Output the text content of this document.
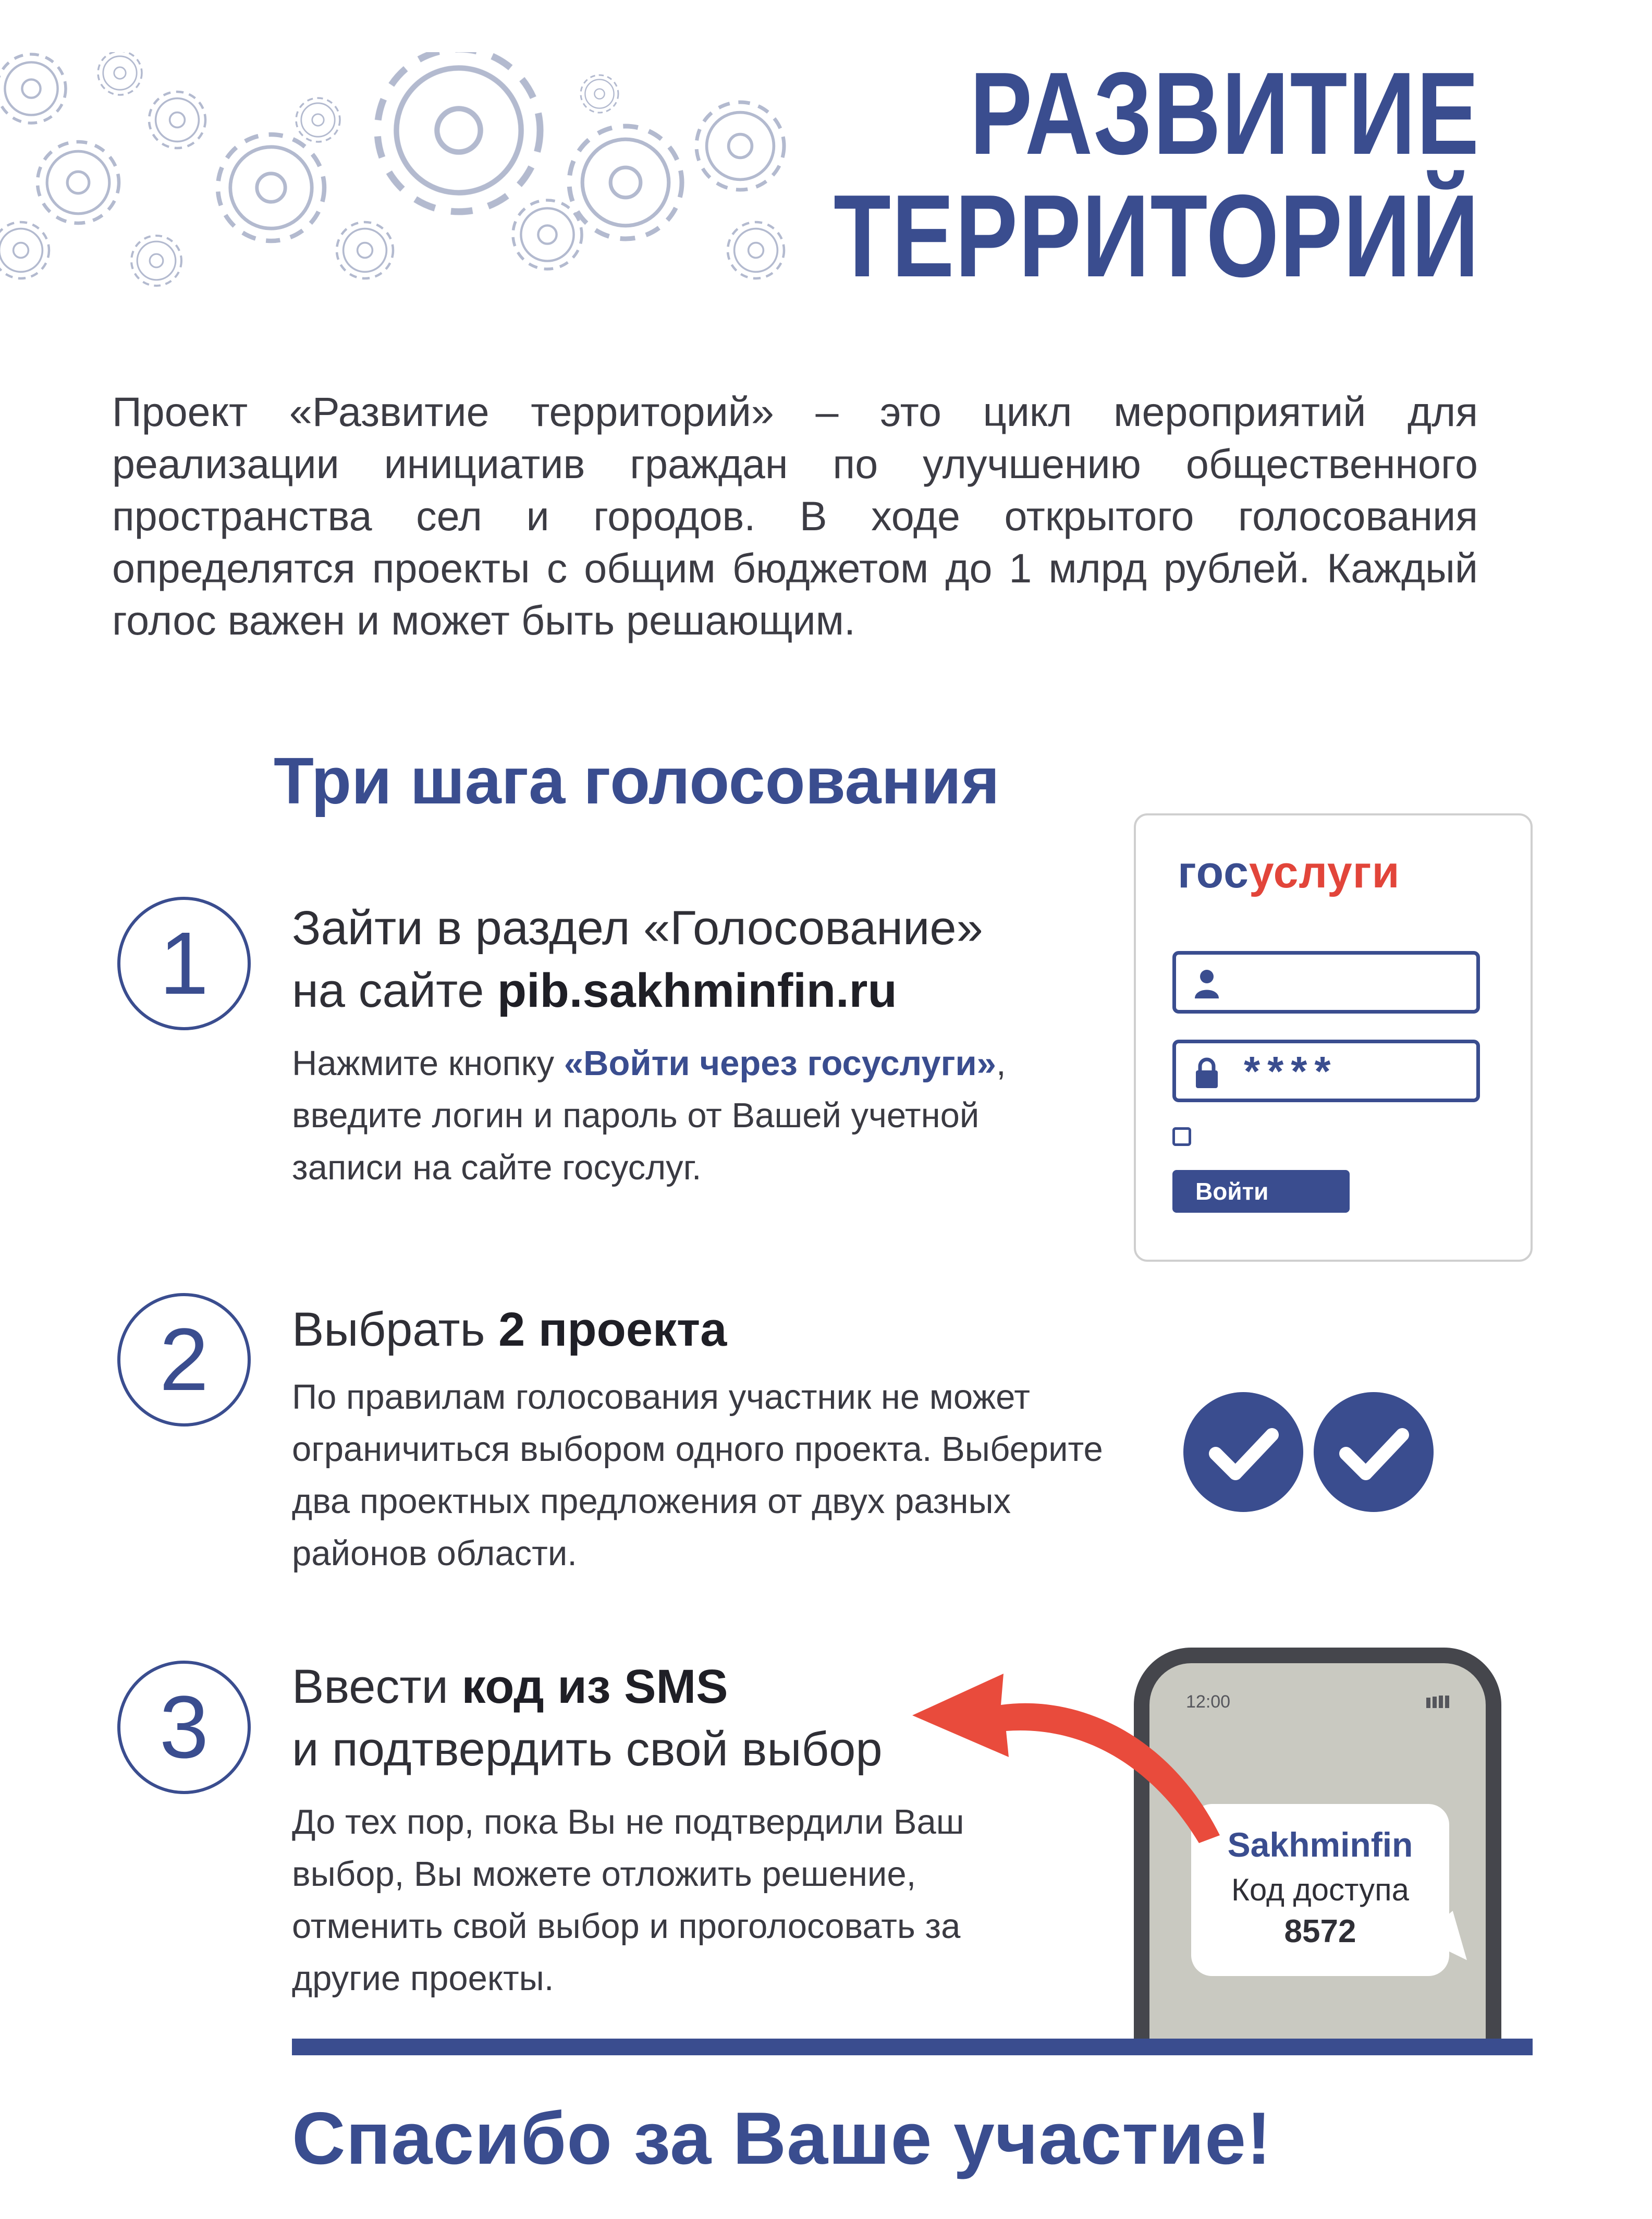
РАЗВИТИЕ
ТЕРРИТОРИЙ
Проект «Развитие территорий» – это цикл мероприятий для реализации инициатив граждан по улучшению общественного пространства сел и городов. В ходе открытого голосования определятся проекты с общим бюджетом до 1 млрд рублей. Каждый голос важен и может быть решающим.
Три шага голосования
1	Зайти в раздел «Голосование»
на сайте pib.sakhminfin.ru
Нажмите кнопку «Войти через госуслуги», введите логин и пароль от Вашей учетной записи на сайте госуслуг.
госуслуги
****
Войти
2	Выбрать 2 проекта
По правилам голосования участник не может ограничиться выбором одного проекта. Выберите два проектных предложения от двух разных районов области.
3	Ввести код из SMS
и подтвердить свой выбор
До тех пор, пока Вы не подтвердили Ваш выбор, Вы можете отложить решение, отменить свой выбор и проголосовать за другие проекты.
12:00
Sakhminfin
Код доступа
8572
Спасибо за Ваше участие!
